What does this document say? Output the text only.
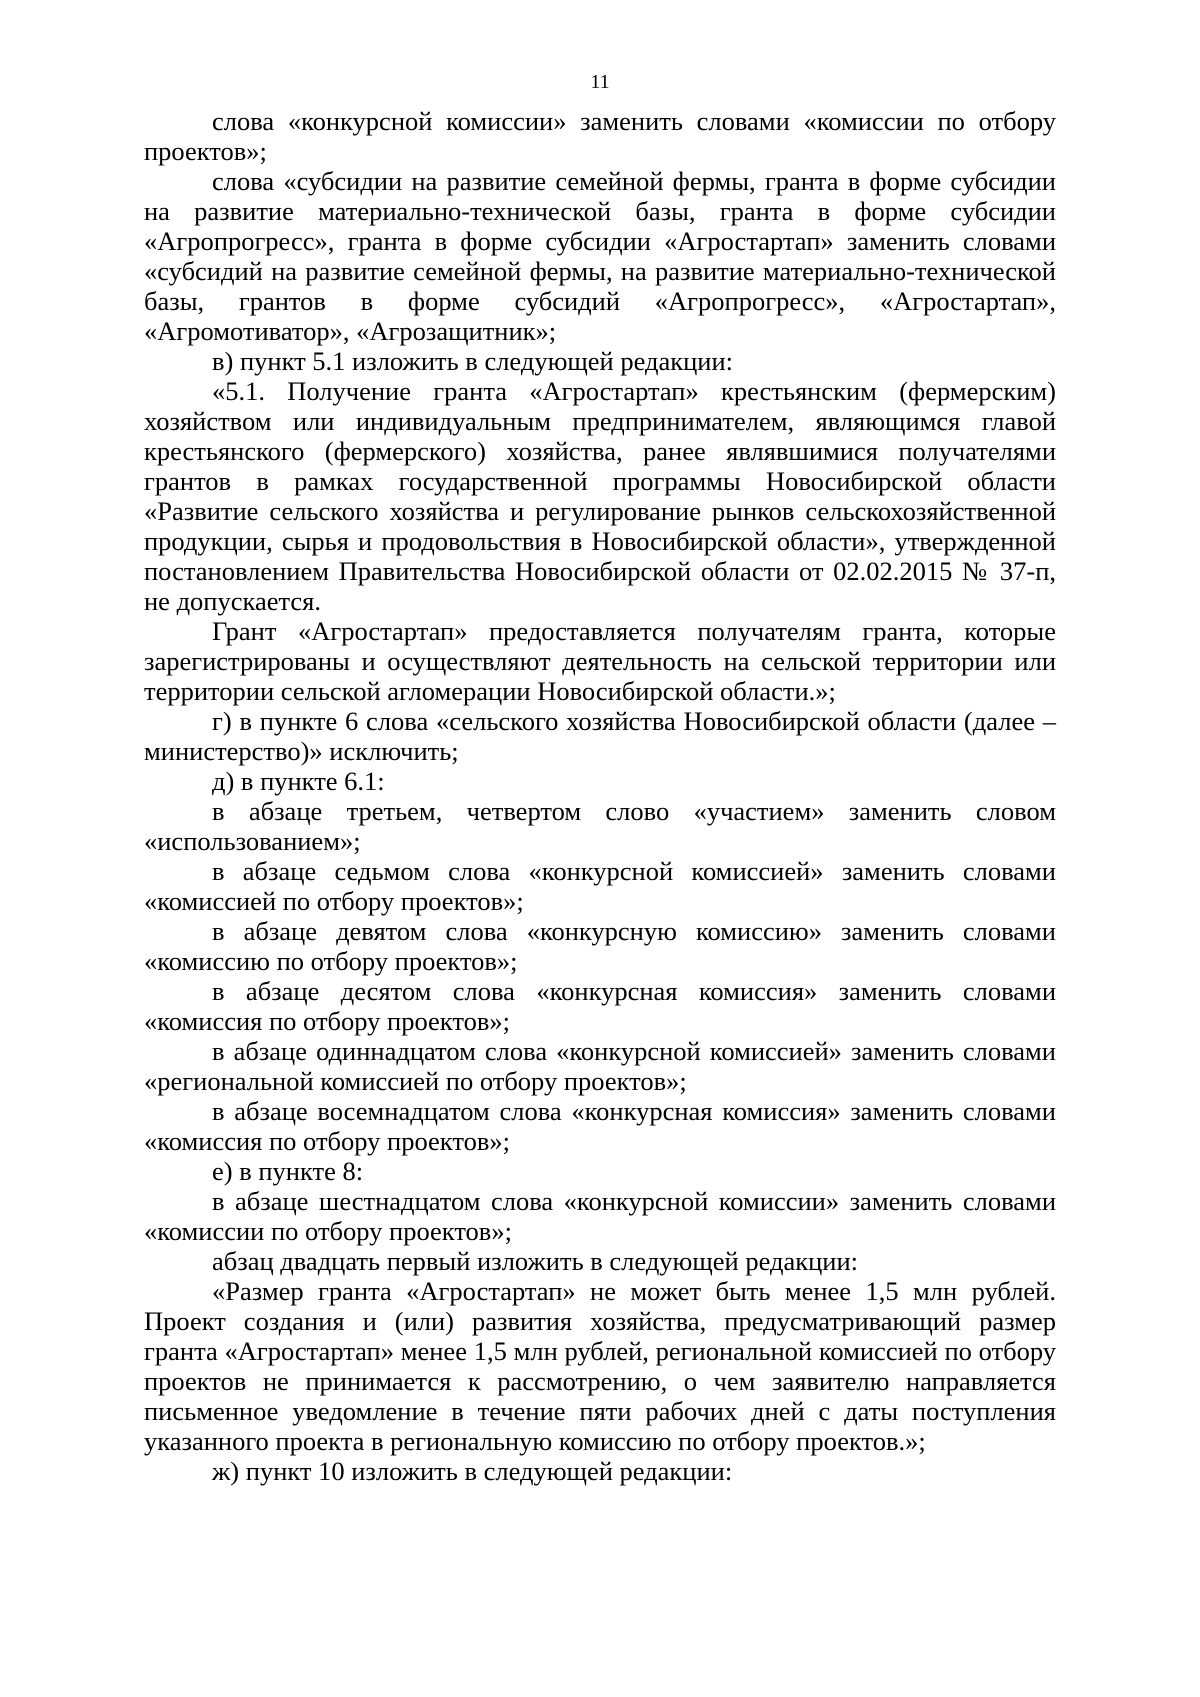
11

слова «конкурсной комиссии» заменить словами «комиссии по отбору проектов»;

слова «субсидии на развитие семейной фермы, гранта в форме субсидии на развитие материально-технической базы, гранта в форме субсидии «Агропрогресс», гранта в форме субсидии «Агростартап» заменить словами «субсидий на развитие семейной фермы, на развитие материально-технической базы, грантов в форме субсидий «Агропрогресс», «Агростартап», «Агромотиватор», «Агрозащитник»;

в) пункт 5.1 изложить в следующей редакции:

«5.1. Получение гранта «Агростартап» крестьянским (фермерским) хозяйством или индивидуальным предпринимателем, являющимся главой крестьянского (фермерского) хозяйства, ранее являвшимися получателями грантов в рамках государственной программы Новосибирской области «Развитие сельского хозяйства и регулирование рынков сельскохозяйственной продукции, сырья и продовольствия в Новосибирской области», утвержденной постановлением Правительства Новосибирской области от 02.02.2015 № 37-п, не допускается.

Грант «Агростартап» предоставляется получателям гранта, которые зарегистрированы и осуществляют деятельность на сельской территории или территории сельской агломерации Новосибирской области.»;

г) в пункте 6 слова «сельского хозяйства Новосибирской области (далее – министерство)» исключить;

д) в пункте 6.1:

в абзаце третьем, четвертом слово «участием» заменить словом «использованием»;

в абзаце седьмом слова «конкурсной комиссией» заменить словами «комиссией по отбору проектов»;

в абзаце девятом слова «конкурсную комиссию» заменить словами «комиссию по отбору проектов»;

в абзаце десятом слова «конкурсная комиссия» заменить словами «комиссия по отбору проектов»;

в абзаце одиннадцатом слова «конкурсной комиссией» заменить словами «региональной комиссией по отбору проектов»;

в абзаце восемнадцатом слова «конкурсная комиссия» заменить словами «комиссия по отбору проектов»;

е) в пункте 8:

в абзаце шестнадцатом слова «конкурсной комиссии» заменить словами «комиссии по отбору проектов»;

абзац двадцать первый изложить в следующей редакции:

«Размер гранта «Агростартап» не может быть менее 1,5 млн рублей. Проект создания и (или) развития хозяйства, предусматривающий размер гранта «Агростартап» менее 1,5 млн рублей, региональной комиссией по отбору проектов не принимается к рассмотрению, о чем заявителю направляется письменное уведомление в течение пяти рабочих дней с даты поступления указанного проекта в региональную комиссию по отбору проектов.»;

ж) пункт 10 изложить в следующей редакции:
